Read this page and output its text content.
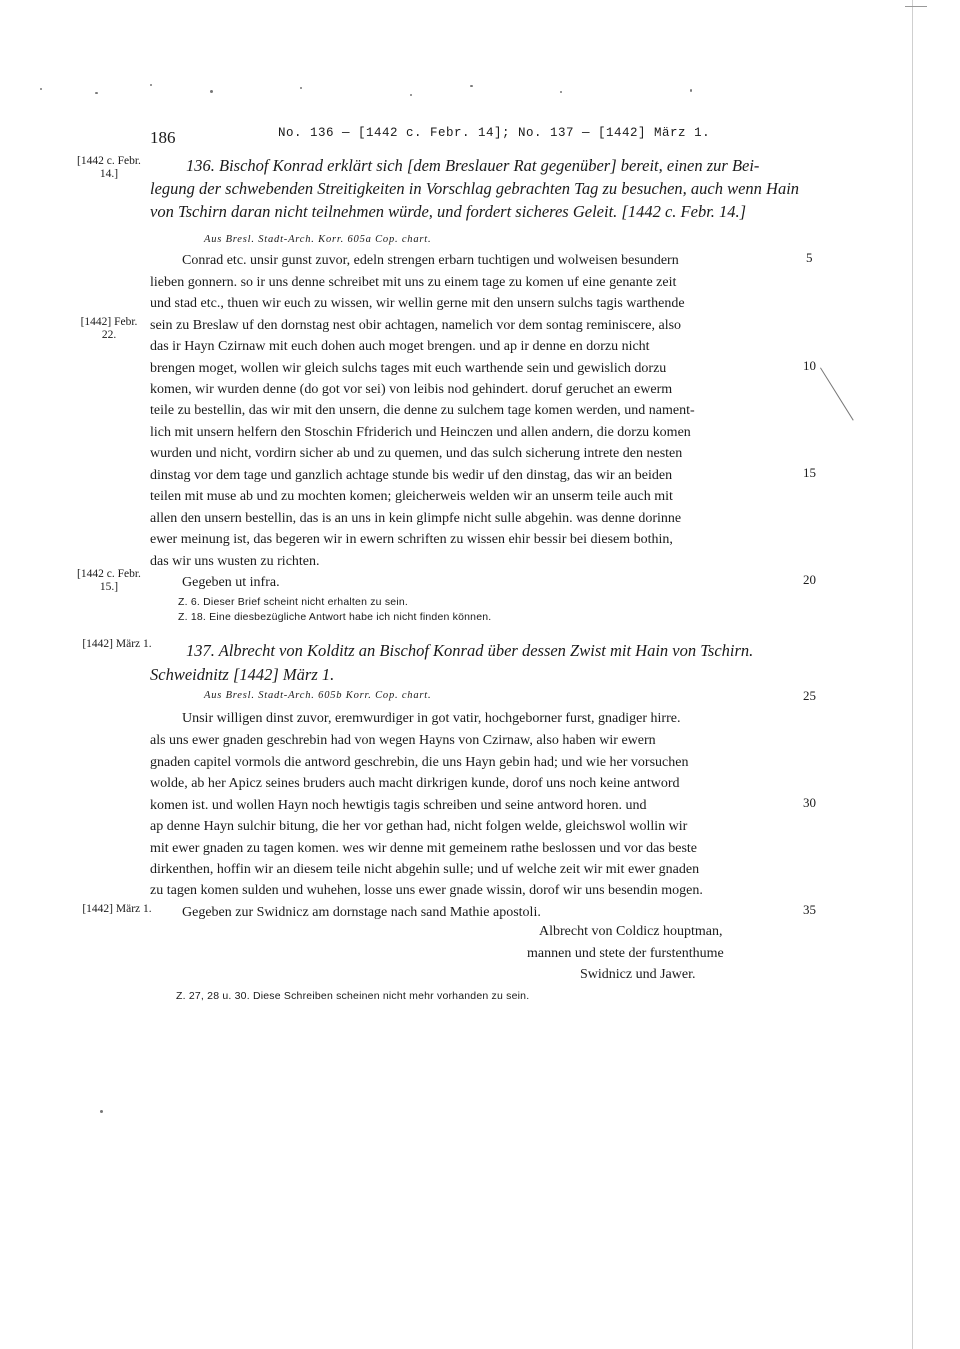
186	No. 136 — [1442 c. Febr. 14]; No. 137 — [1442] März 1.
[1442 c. Febr. 14.]
[1442] Febr. 22.
[1442 c. Febr. 15.]
[1442] März 1.
[1442] März 1.
136. Bischof Konrad erklärt sich [dem Breslauer Rat gegenüber] bereit, einen zur Bei-
legung der schwebenden Streitigkeiten in Vorschlag gebrachten Tag zu besuchen, auch wenn Hain
von Tschirn daran nicht teilnehmen würde, und fordert sicheres Geleit. [1442 c. Febr. 14.]
Aus Bresl. Stadt-Arch. Korr. 605a Cop. chart.
Conrad etc. unsir gunst zuvor, edeln strengen erbarn tuchtigen und wolweisen besundern
lieben gonnern. so ir uns denne schreibet mit uns zu einem tage zu komen uf eine genante zeit
und stad etc., thuen wir euch zu wissen, wir wellin gerne mit den unsern sulchs tagis warthende
sein zu Breslaw uf den dornstag nest obir achtagen, namelich vor dem sontag reminiscere, also
das ir Hayn Czirnaw mit euch dohen auch moget brengen. und ap ir denne en dorzu nicht
brengen moget, wollen wir gleich sulchs tages mit euch warthende sein und gewislich dorzu
komen, wir wurden denne (do got vor sei) von leibis nod gehindert. doruf geruchet an ewerm
teile zu bestellin, das wir mit den unsern, die denne zu sulchem tage komen werden, und nament-
lich mit unsern helfern den Stoschin Ffriderich und Heinczen und allen andern, die dorzu komen
wurden und nicht, vordirn sicher ab und zu quemen, und das sulch sicherung intrete den nesten
dinstag vor dem tage und ganzlich achtage stunde bis wedir uf den dinstag, das wir an beiden
teilen mit muse ab und zu mochten komen; gleicherweis welden wir an unserm teile auch mit
allen den unsern bestellin, das is an uns in kein glimpfe nicht sulle abgehin. was denne dorinne
ewer meinung ist, das begeren wir in ewern schriften zu wissen ehir bessir bei diesem bothin,
das wir uns wusten zu richten.
Gegeben ut infra.
5
10
15
20
Z. 6. Dieser Brief scheint nicht erhalten zu sein.
Z. 18. Eine diesbezügliche Antwort habe ich nicht finden können.
137. Albrecht von Kolditz an Bischof Konrad über dessen Zwist mit Hain von Tschirn.
Schweidnitz [1442] März 1.
Aus Bresl. Stadt-Arch. 605b Korr. Cop. chart.
Unsir willigen dinst zuvor, eremwurdiger in got vatir, hochgeborner furst, gnadiger hirre.
als uns ewer gnaden geschrebin had von wegen Hayns von Czirnaw, also haben wir ewern
gnaden capitel vormols die antword geschrebin, die uns Hayn gebin had; und wie her vorsuchen
wolde, ab her Apicz seines bruders auch macht dirkrigen kunde, dorof uns noch keine antword
komen ist. und wollen Hayn noch hewtigis tagis schreiben und seine antword horen. und
ap denne Hayn sulchir bitung, die her vor gethan had, nicht folgen welde, gleichswol wollin wir
mit ewer gnaden zu tagen komen. wes wir denne mit gemeinem rathe beslossen und vor das beste
dirkenthen, hoffin wir an diesem teile nicht abgehin sulle; und uf welche zeit wir mit ewer gnaden
zu tagen komen sulden und wuhehen, losse uns ewer gnade wissin, dorof wir uns besendin mogen.
Gegeben zur Swidnicz am dornstage nach sand Mathie apostoli.
25
30
35
Albrecht von Coldicz houptman,
mannen und stete der furstenthume
Swidnicz und Jawer.
Z. 27, 28 u. 30. Diese Schreiben scheinen nicht mehr vorhanden zu sein.
